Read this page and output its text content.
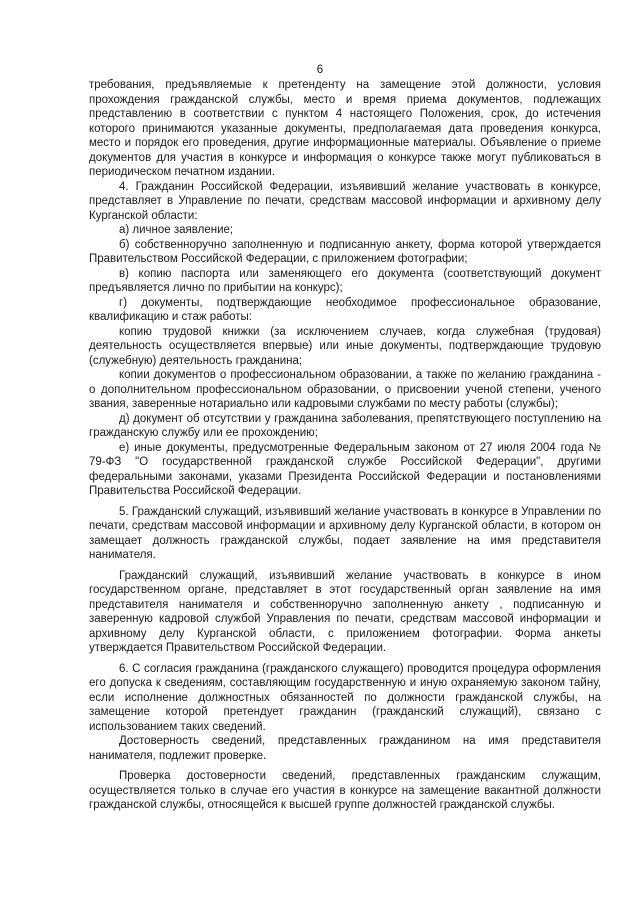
6

требования, предъявляемые к претенденту на замещение этой должности, условия прохождения гражданской службы, место и время приема документов, подлежащих представлению в соответствии с пунктом 4 настоящего Положения, срок, до истечения которого принимаются указанные документы, предполагаемая дата проведения конкурса, место и порядок его проведения, другие информационные материалы. Объявление о приеме документов для участия в конкурсе и информация о конкурсе также могут публиковаться в периодическом печатном издании.

4. Гражданин Российской Федерации, изъявивший желание участвовать в конкурсе, представляет в Управление по печати, средствам массовой информации и архивному делу Курганской области:

а) личное заявление;

б) собственноручно заполненную и подписанную анкету, форма которой утверждается Правительством Российской Федерации, с приложением фотографии;

в) копию паспорта или заменяющего его документа (соответствующий документ предъявляется лично по прибытии на конкурс);

г) документы, подтверждающие необходимое профессиональное образование, квалификацию и стаж работы:

копию трудовой книжки (за исключением случаев, когда служебная (трудовая) деятельность осуществляется впервые) или иные документы, подтверждающие трудовую (служебную) деятельность гражданина;

копии документов о профессиональном образовании, а также по желанию гражданина - о дополнительном профессиональном образовании, о присвоении ученой степени, ученого звания, заверенные нотариально или кадровыми службами по месту работы (службы);

д) документ об отсутствии у гражданина заболевания, препятствующего поступлению на гражданскую службу или ее прохождению;

е) иные документы, предусмотренные Федеральным законом от 27 июля 2004 года № 79-ФЗ "О государственной гражданской службе Российской Федерации", другими федеральными законами, указами Президента Российской Федерации и постановлениями Правительства Российской Федерации.

5. Гражданский служащий, изъявивший желание участвовать в конкурсе в Управлении по печати, средствам массовой информации и архивному делу Курганской области, в котором он замещает должность гражданской службы, подает заявление на имя представителя нанимателя.

Гражданский служащий, изъявивший желание участвовать в конкурсе в ином государственном органе, представляет в этот государственный орган заявление на имя представителя нанимателя и собственноручно заполненную анкету , подписанную и заверенную кадровой службой Управления по печати, средствам массовой информации и архивному делу Курганской области, с приложением фотографии. Форма анкеты утверждается Правительством Российской Федерации.

6. С согласия гражданина (гражданского служащего) проводится процедура оформления его допуска к сведениям, составляющим государственную и иную охраняемую законом тайну, если исполнение должностных обязанностей по должности гражданской службы, на замещение которой претендует гражданин (гражданский служащий), связано с использованием таких сведений.

Достоверность сведений, представленных гражданином на имя представителя нанимателя, подлежит проверке.

Проверка достоверности сведений, представленных гражданским служащим, осуществляется только в случае его участия в конкурсе на замещение вакантной должности гражданской службы, относящейся к высшей группе должностей гражданской службы.
